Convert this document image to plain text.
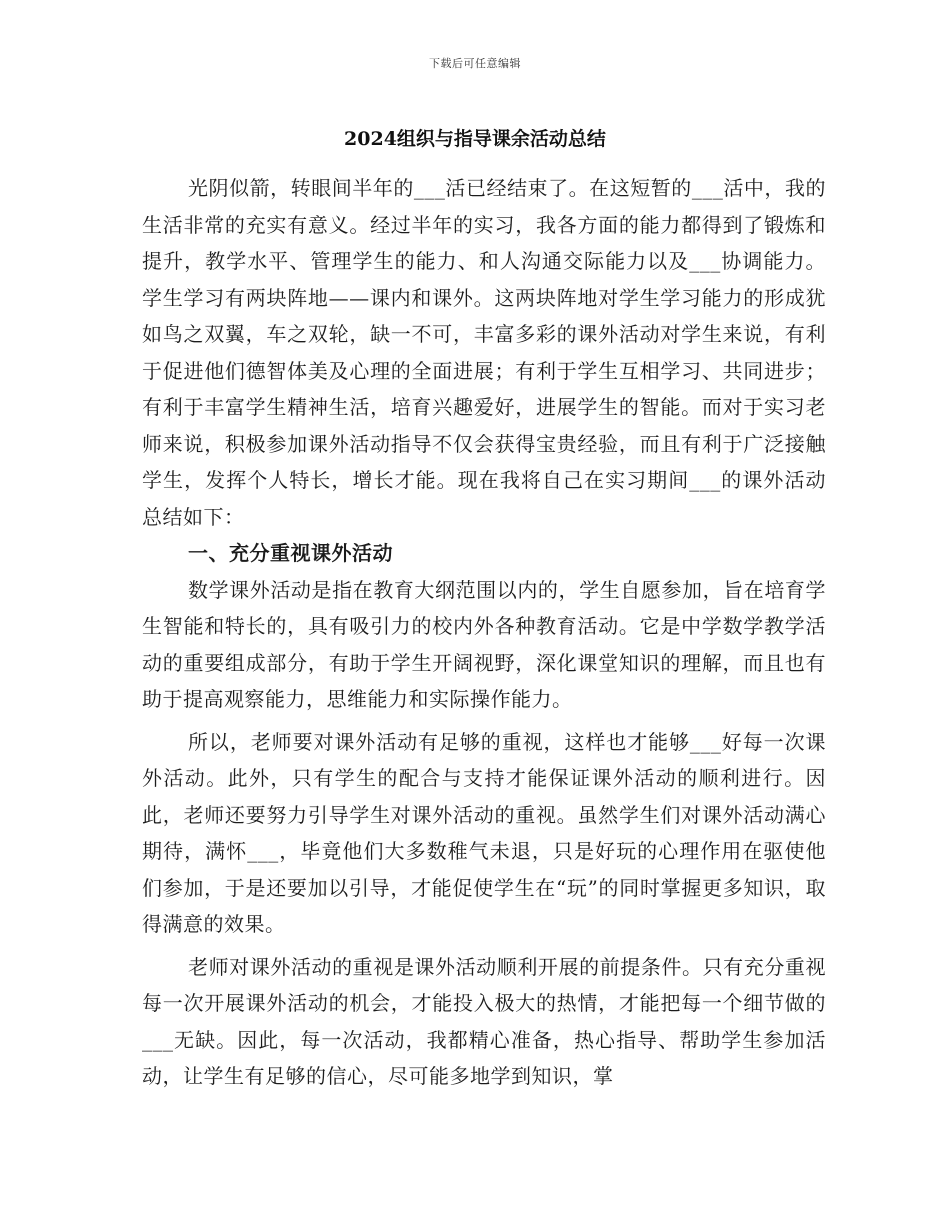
下载后可任意编辑
2024组织与指导课余活动总结

光阴似箭，转眼间半年的___活已经结束了。在这短暂的___活中，我的生活非常的充实有意义。经过半年的实习，我各方面的能力都得到了锻炼和提升，教学水平、管理学生的能力、和人沟通交际能力以及___协调能力。学生学习有两块阵地——课内和课外。这两块阵地对学生学习能力的形成犹如鸟之双翼，车之双轮，缺一不可，丰富多彩的课外活动对学生来说，有利于促进他们德智体美及心理的全面进展；有利于学生互相学习、共同进步；有利于丰富学生精神生活，培育兴趣爱好，进展学生的智能。而对于实习老师来说，积极参加课外活动指导不仅会获得宝贵经验，而且有利于广泛接触学生，发挥个人特长，增长才能。现在我将自己在实习期间___的课外活动总结如下：

一、充分重视课外活动

数学课外活动是指在教育大纲范围以内的，学生自愿参加，旨在培育学生智能和特长的，具有吸引力的校内外各种教育活动。它是中学数学教学活动的重要组成部分，有助于学生开阔视野，深化课堂知识的理解，而且也有助于提高观察能力，思维能力和实际操作能力。

所以，老师要对课外活动有足够的重视，这样也才能够___好每一次课外活动。此外，只有学生的配合与支持才能保证课外活动的顺利进行。因此，老师还要努力引导学生对课外活动的重视。虽然学生们对课外活动满心期待，满怀___，毕竟他们大多数稚气未退，只是好玩的心理作用在驱使他们参加，于是还要加以引导，才能促使学生在“玩”的同时掌握更多知识，取得满意的效果。

老师对课外活动的重视是课外活动顺利开展的前提条件。只有充分重视每一次开展课外活动的机会，才能投入极大的热情，才能把每一个细节做的___无缺。因此，每一次活动，我都精心准备，热心指导、帮助学生参加活动，让学生有足够的信心，尽可能多地学到知识，掌
